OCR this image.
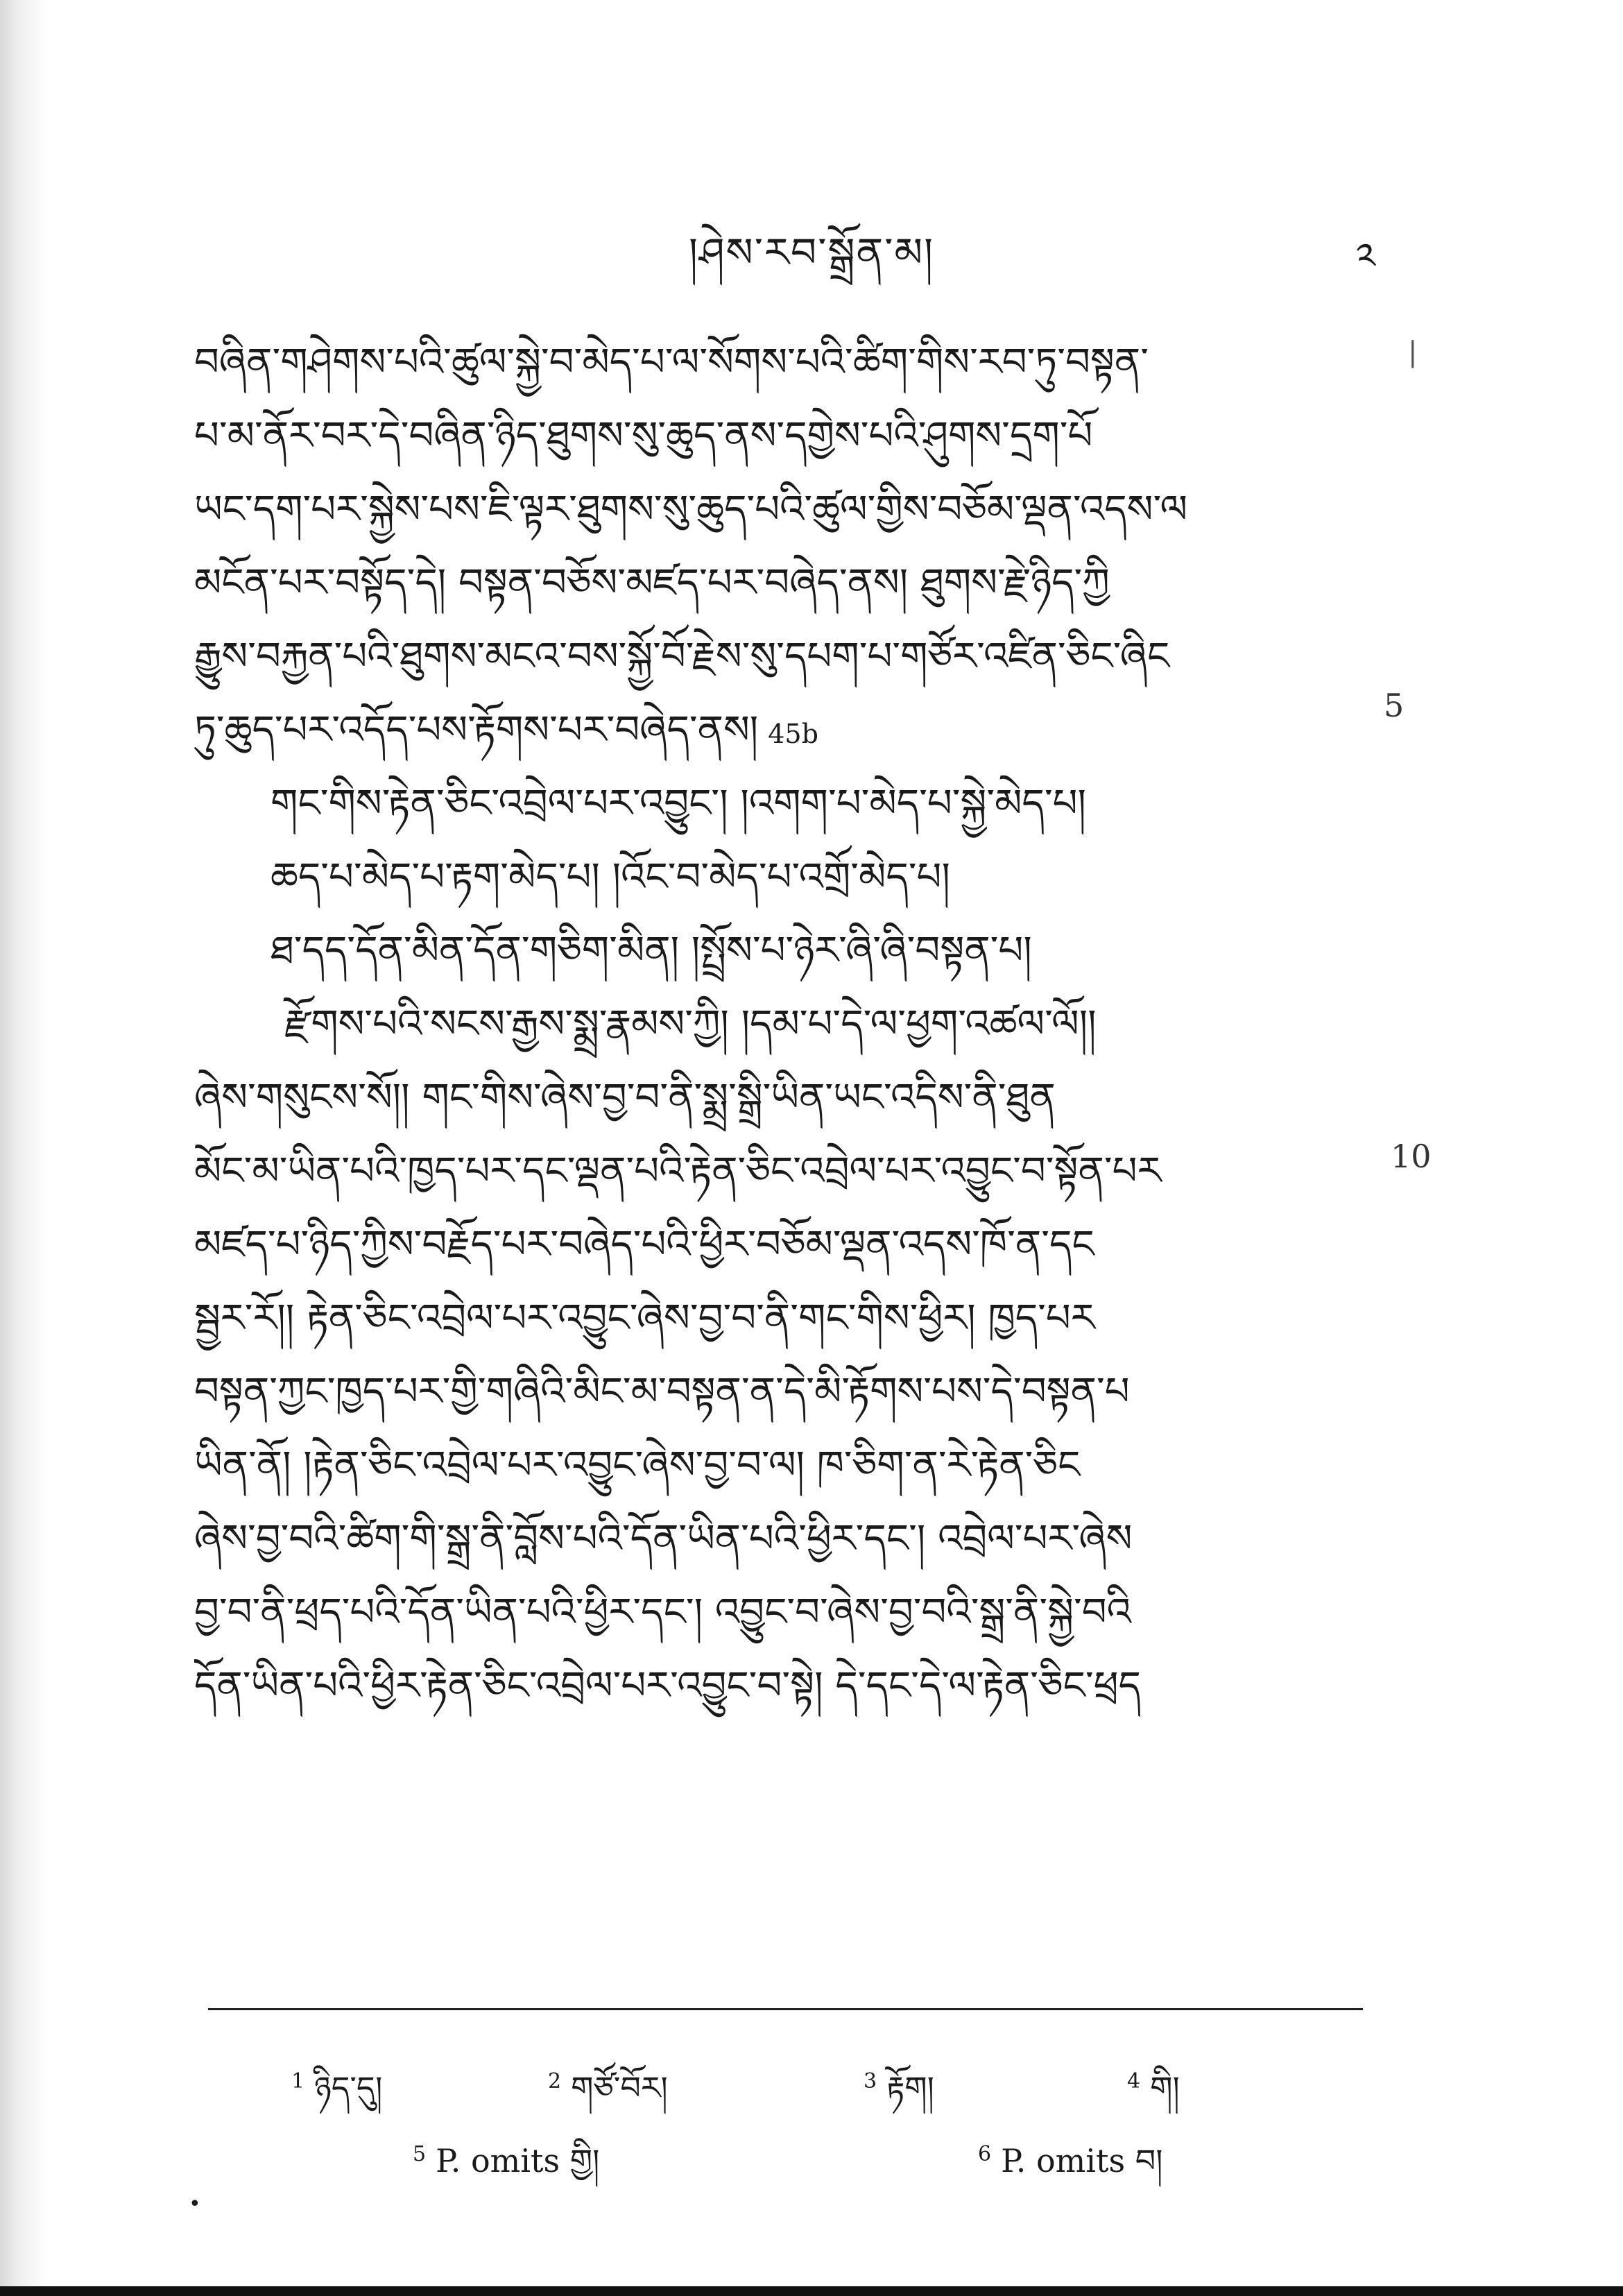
།ཤེས་རབ་སྒྲོན་མ།	༢
|
བཞིན་གཤེགས་པའི་ཚུལ་སྐྱེ་བ་མེད་པ་ལ་སོགས་པའི་ཚིག་གིས་རབ་ཏུ་བསྟན་
པ་མ་ནོར་བར་དེ་བཞིན་ཉིད་ཐུགས་སུ་ཆུད་ནས་དགྱེས་པའི་ཤུགས་དྲག་པོ
ཡང་དག་པར་སྐྱེས་པས་ཇི་ལྟར་ཐུགས་སུ་ཆུད་པའི་ཚུལ་གྱིས་བཅོམ་ལྡན་འདས་ལ
མངོན་པར་བསྟོད་དེ། བསྟན་བཅོས་མཛད་པར་བཞེད་ནས། ཐུགས་རྗེ་ཉིད་ཀྱི
རྒྱུས་བརྐྱན་པའི་ཐུགས་མངའ་བས་སྐྱོ་བོ་རྗེས་སུ་དཔག་པ་གཙོར་འཛིན་ཅིང་ཞིང
ཏུ་ཆུད་པར་འདོད་པས་རྟོགས་པར་བཞེད་ནས། 45b
གང་གིས་རྟེན་ཅིང་འབྲེལ་པར་འབྱུང་། །འགག་པ་མེད་པ་སྐྱེ་མེད་པ།
ཆད་པ་མེད་པ་རྟག་མེད་པ། །འོང་བ་མེད་པ་འགྲོ་མེད་པ།
ཐ་དད་དོན་མིན་དོན་གཅིག་མིན། །སྤྲོས་པ་ཉེར་ཞི་ཞི་བསྟན་པ།
རྫོགས་པའི་སངས་རྒྱས་སྨྲ་རྣམས་ཀྱི། །དམ་པ་དེ་ལ་ཕྱག་འཚལ་ལོ།།
ཞེས་གསུངས་སོ།། གང་གིས་ཞེས་བྱ་བ་ནི་སྨྲ་སྒྲི་ཡིན་ཡང་འདིས་ནི་ཐུན
མོང་མ་ཡིན་པའི་ཁྱད་པར་དང་ལྡན་པའི་རྟེན་ཅིང་འབྲེལ་པར་འབྱུང་བ་སྟོན་པར
མཛད་པ་ཉིད་ཀྱིས་བརྗོད་པར་བཞེད་པའི་ཕྱིར་བཅོམ་ལྡན་འདས་ཁོ་ན་དང
སྦྱར་རོ།། རྟེན་ཅིང་འབྲེལ་པར་འབྱུང་ཞེས་བྱ་བ་ནི་གང་གིས་ཕྱིར། ཁྱད་པར
བསྟན་ཀྱང་ཁྱད་པར་གྱི་གཞིའི་མིང་མ་བསྟན་ན་དེ་མི་རྟོགས་པས་དེ་བསྟན་པ
ཡིན་ནོ། །རྟེན་ཅིང་འབྲེལ་པར་འབྱུང་ཞེས་བྱ་བ་ལ། ཁ་ཅིག་ན་རེ་རྟེན་ཅིང
ཞེས་བྱ་བའི་ཚིག་གི་སྒྲ་ནི་བློས་པའི་དོན་ཡིན་པའི་ཕྱིར་དང་། འབྲེལ་པར་ཞེས
བྱ་བ་ནི་ཕྲད་པའི་དོན་ཡིན་པའི་ཕྱིར་དང་། འབྱུང་བ་ཞེས་བྱ་བའི་སྒྲ་ནི་སྐྱེ་བའི
དོན་ཡིན་པའི་ཕྱིར་རྟེན་ཅིང་འབྲེལ་པར་འབྱུང་བ་སྟེ། དེ་དང་དེ་ལ་རྟེན་ཅིང་ཕྲད
5
10
$^1$ ཉིད་དུ།	$^2$ གཙོ་བོར།	$^3$ རྟོག།	$^4$ གི།
$^5$ P. omits གྱི།	$^6$ P. omits བ།
•
